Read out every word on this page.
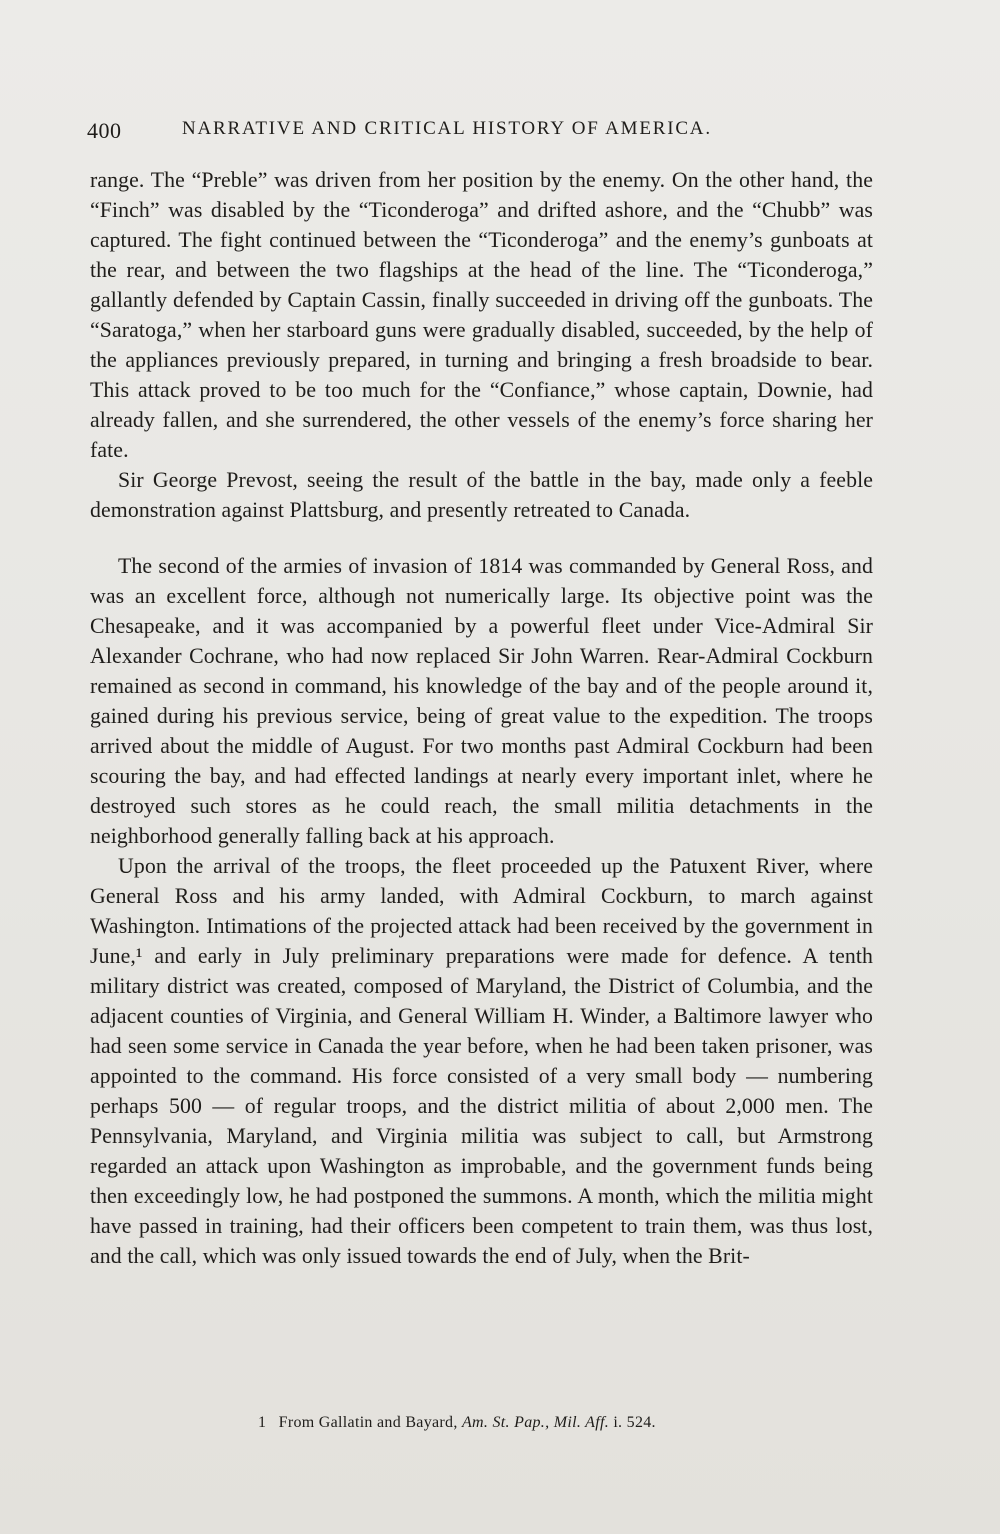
400	NARRATIVE AND CRITICAL HISTORY OF AMERICA.

range. The “Preble” was driven from her position by the enemy. On the other hand, the “Finch” was disabled by the “Ticonderoga” and drifted ashore, and the “Chubb” was captured. The fight continued between the “Ticonderoga” and the enemy’s gunboats at the rear, and between the two flagships at the head of the line. The “Ticonderoga,” gallantly defended by Captain Cassin, finally succeeded in driving off the gunboats. The “Saratoga,” when her starboard guns were gradually disabled, succeeded, by the help of the appliances previously prepared, in turning and bringing a fresh broadside to bear. This attack proved to be too much for the “Confiance,” whose captain, Downie, had already fallen, and she surrendered, the other vessels of the enemy’s force sharing her fate.

Sir George Prevost, seeing the result of the battle in the bay, made only a feeble demonstration against Plattsburg, and presently retreated to Canada.

The second of the armies of invasion of 1814 was commanded by General Ross, and was an excellent force, although not numerically large. Its objective point was the Chesapeake, and it was accompanied by a powerful fleet under Vice-Admiral Sir Alexander Cochrane, who had now replaced Sir John Warren. Rear-Admiral Cockburn remained as second in command, his knowledge of the bay and of the people around it, gained during his previous service, being of great value to the expedition. The troops arrived about the middle of August. For two months past Admiral Cockburn had been scouring the bay, and had effected landings at nearly every important inlet, where he destroyed such stores as he could reach, the small militia detachments in the neighborhood generally falling back at his approach.

Upon the arrival of the troops, the fleet proceeded up the Patuxent River, where General Ross and his army landed, with Admiral Cockburn, to march against Washington. Intimations of the projected attack had been received by the government in June,¹ and early in July preliminary preparations were made for defence. A tenth military district was created, composed of Maryland, the District of Columbia, and the adjacent counties of Virginia, and General William H. Winder, a Baltimore lawyer who had seen some service in Canada the year before, when he had been taken prisoner, was appointed to the command. His force consisted of a very small body — numbering perhaps 500 — of regular troops, and the district militia of about 2,000 men. The Pennsylvania, Maryland, and Virginia militia was subject to call, but Armstrong regarded an attack upon Washington as improbable, and the government funds being then exceedingly low, he had postponed the summons. A month, which the militia might have passed in training, had their officers been competent to train them, was thus lost, and the call, which was only issued towards the end of July, when the Brit-

1 From Gallatin and Bayard, Am. St. Pap., Mil. Aff. i. 524.
